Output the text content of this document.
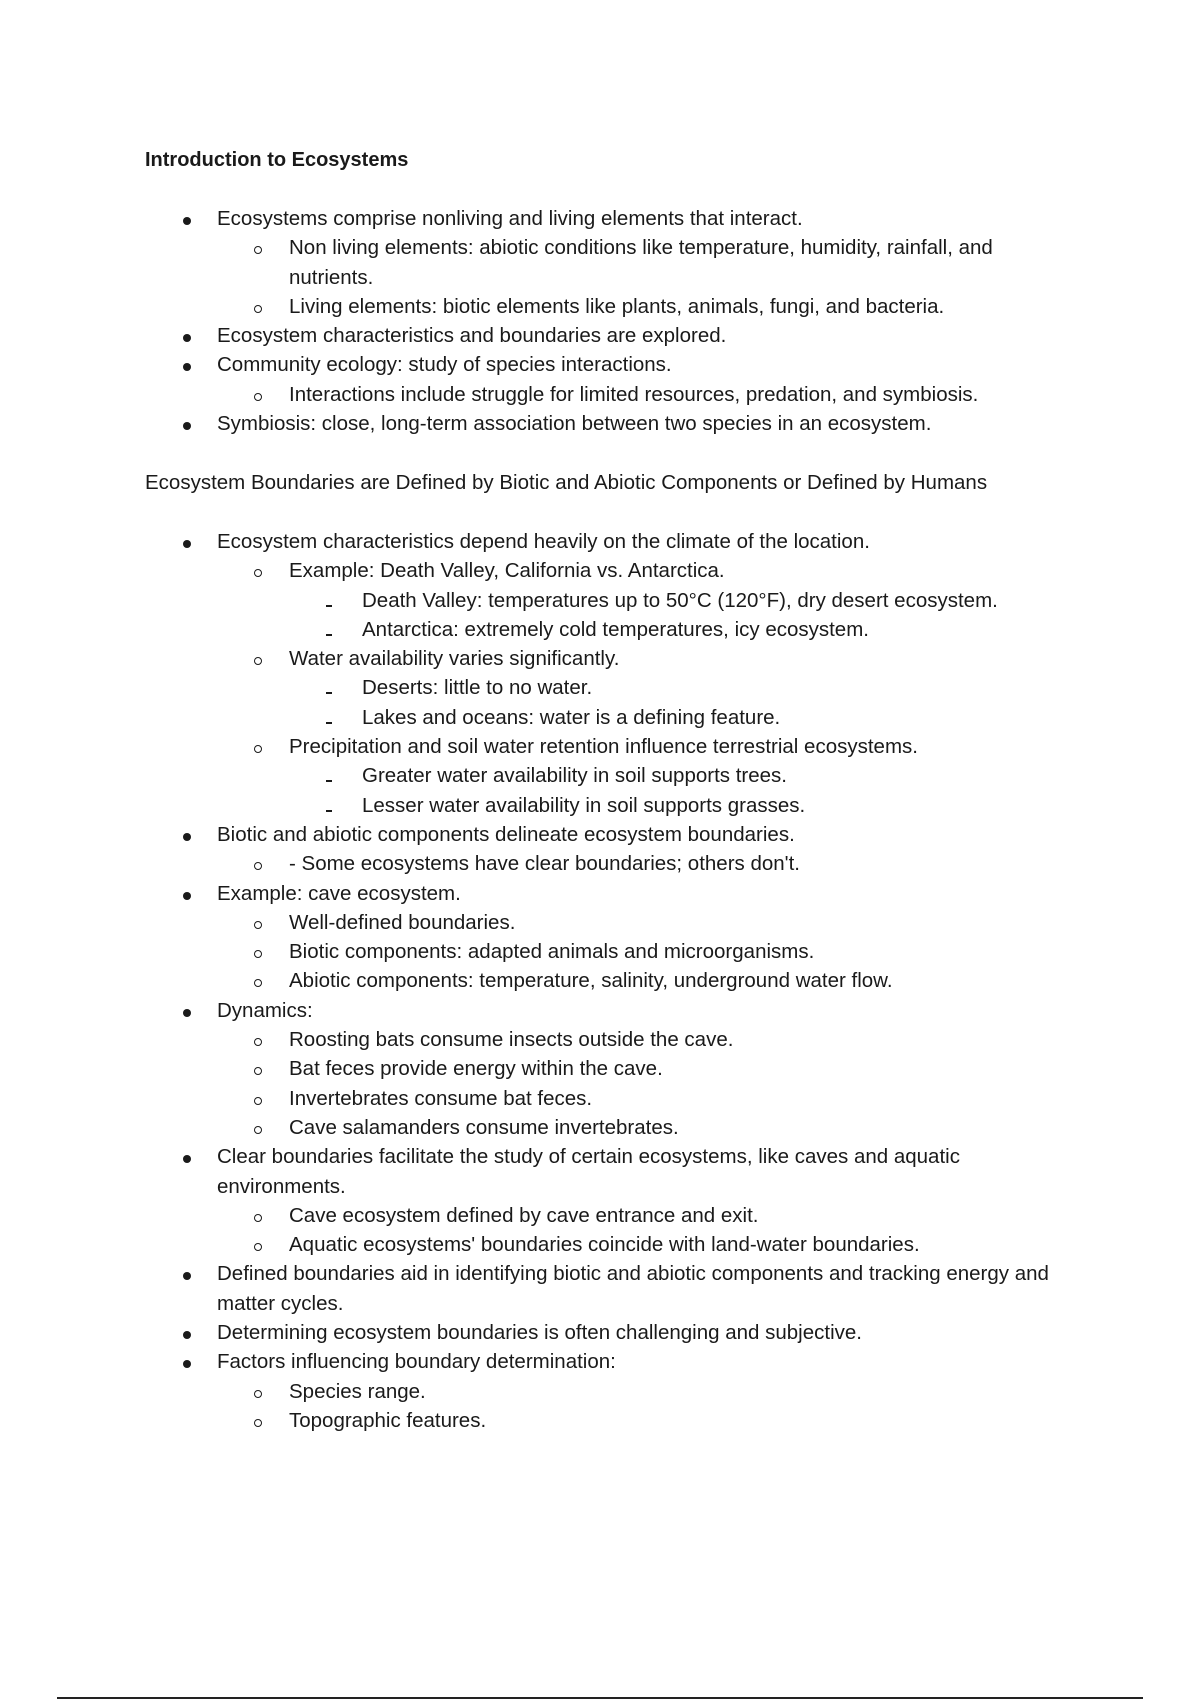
Introduction to Ecosystems
Ecosystems comprise nonliving and living elements that interact.
Non living elements: abiotic conditions like temperature, humidity, rainfall, and nutrients.
Living elements: biotic elements like plants, animals, fungi, and bacteria.
Ecosystem characteristics and boundaries are explored.
Community ecology: study of species interactions.
Interactions include struggle for limited resources, predation, and symbiosis.
Symbiosis: close, long-term association between two species in an ecosystem.
Ecosystem Boundaries are Defined by Biotic and Abiotic Components or Defined by Humans
Ecosystem characteristics depend heavily on the climate of the location.
Example: Death Valley, California vs. Antarctica.
Death Valley: temperatures up to 50°C (120°F), dry desert ecosystem.
Antarctica: extremely cold temperatures, icy ecosystem.
Water availability varies significantly.
Deserts: little to no water.
Lakes and oceans: water is a defining feature.
Precipitation and soil water retention influence terrestrial ecosystems.
Greater water availability in soil supports trees.
Lesser water availability in soil supports grasses.
Biotic and abiotic components delineate ecosystem boundaries.
- Some ecosystems have clear boundaries; others don't.
Example: cave ecosystem.
Well-defined boundaries.
Biotic components: adapted animals and microorganisms.
Abiotic components: temperature, salinity, underground water flow.
Dynamics:
Roosting bats consume insects outside the cave.
Bat feces provide energy within the cave.
Invertebrates consume bat feces.
Cave salamanders consume invertebrates.
Clear boundaries facilitate the study of certain ecosystems, like caves and aquatic environments.
Cave ecosystem defined by cave entrance and exit.
Aquatic ecosystems' boundaries coincide with land-water boundaries.
Defined boundaries aid in identifying biotic and abiotic components and tracking energy and matter cycles.
Determining ecosystem boundaries is often challenging and subjective.
Factors influencing boundary determination:
Species range.
Topographic features.
